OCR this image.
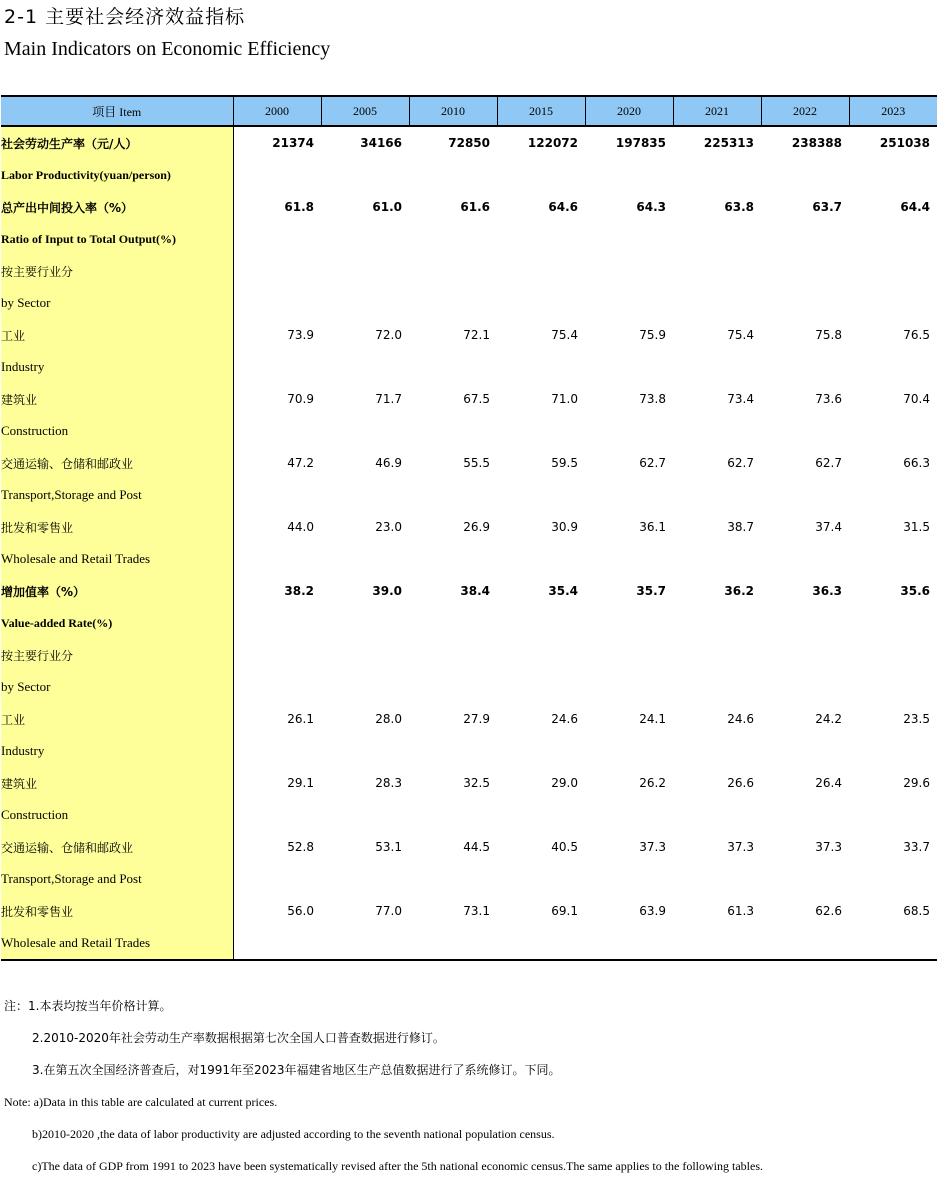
2-1 主要社会经济效益指标
Main Indicators on Economic Efficiency
项目 Item	2000	2005	2010	2015	2020	2021	2022	2023
社会劳动生产率（元/人）	21374	34166	72850	122072	197835	225313	238388	251038
Labor Productivity(yuan/person)								
总产出中间投入率（%）	61.8	61.0	61.6	64.6	64.3	63.8	63.7	64.4
Ratio of Input to Total Output(%)								
按主要行业分								
by Sector								
工业	73.9	72.0	72.1	75.4	75.9	75.4	75.8	76.5
Industry								
建筑业	70.9	71.7	67.5	71.0	73.8	73.4	73.6	70.4
Construction								
交通运输、仓储和邮政业	47.2	46.9	55.5	59.5	62.7	62.7	62.7	66.3
Transport,Storage and Post								
批发和零售业	44.0	23.0	26.9	30.9	36.1	38.7	37.4	31.5
Wholesale and Retail Trades								
增加值率（%）	38.2	39.0	38.4	35.4	35.7	36.2	36.3	35.6
Value-added Rate(%)								
按主要行业分								
by Sector								
工业	26.1	28.0	27.9	24.6	24.1	24.6	24.2	23.5
Industry								
建筑业	29.1	28.3	32.5	29.0	26.2	26.6	26.4	29.6
Construction								
交通运输、仓储和邮政业	52.8	53.1	44.5	40.5	37.3	37.3	37.3	33.7
Transport,Storage and Post								
批发和零售业	56.0	77.0	73.1	69.1	63.9	61.3	62.6	68.5
Wholesale and Retail Trades								
注：1.本表均按当年价格计算。
2.2010-2020年社会劳动生产率数据根据第七次全国人口普查数据进行修订。
3.在第五次全国经济普查后，对1991年至2023年福建省地区生产总值数据进行了系统修订。下同。
Note: a)Data in this table are calculated at current prices.
b)2010-2020 ,the data of labor productivity are adjusted according to the seventh national population census.
c)The data of GDP from 1991 to 2023 have been systematically revised after the 5th national economic census.The same applies to the following tables.
